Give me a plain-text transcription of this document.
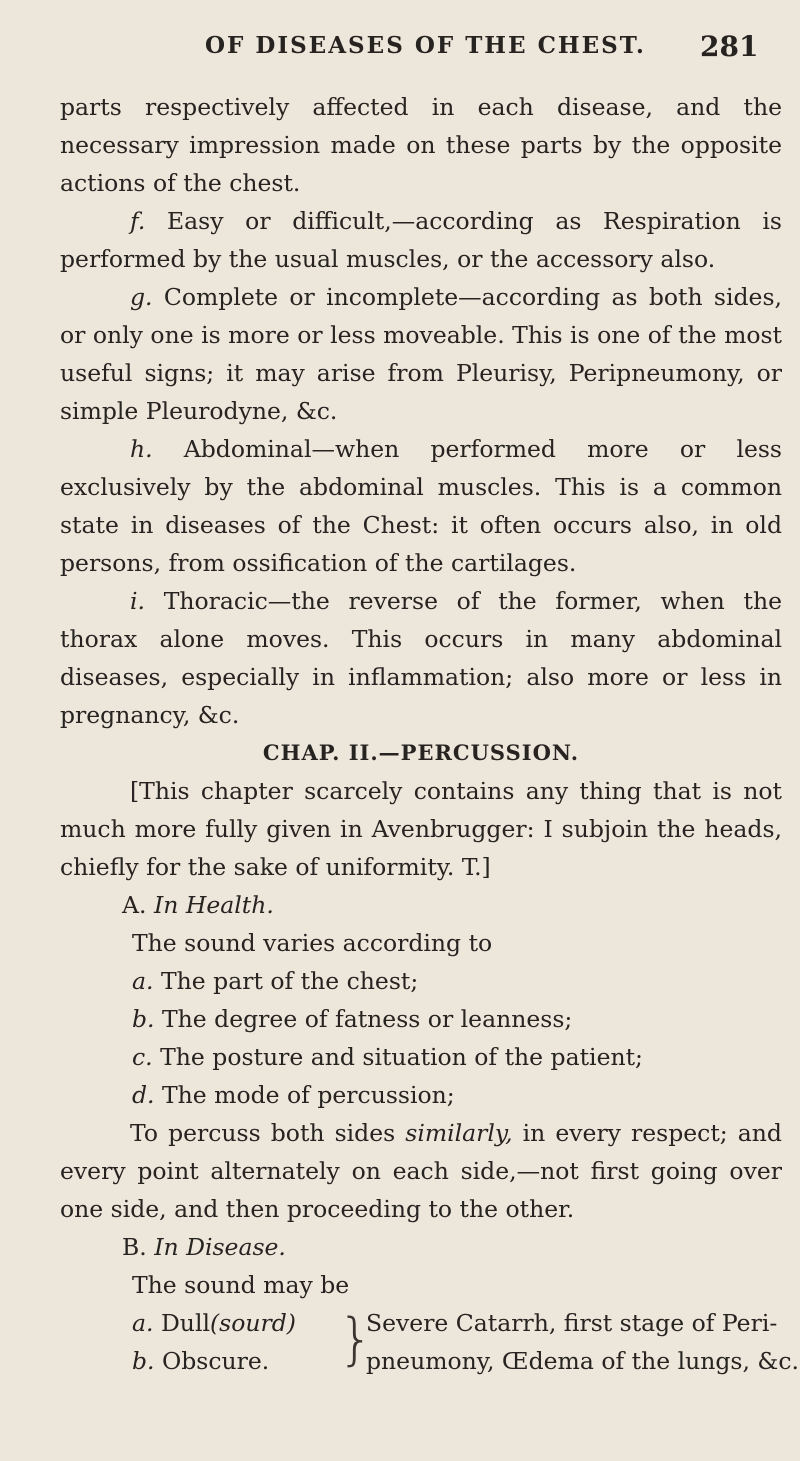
OF DISEASES OF THE CHEST. 281

parts respectively affected in each disease, and the necessary impression made on these parts by the opposite actions of the chest.

f. Easy or difficult,—according as Respiration is performed by the usual muscles, or the accessory also.

g. Complete or incomplete—according as both sides, or only one is more or less moveable. This is one of the most useful signs; it may arise from Pleurisy, Peripneumony, or simple Pleurodyne, &c.

h. Abdominal—when performed more or less exclusively by the abdominal muscles. This is a common state in diseases of the Chest: it often occurs also, in old persons, from ossification of the cartilages.

i. Thoracic—the reverse of the former, when the thorax alone moves. This occurs in many abdominal diseases, especially in inflammation; also more or less in pregnancy, &c.

CHAP. II.—PERCUSSION.

[This chapter scarcely contains any thing that is not much more fully given in Avenbrugger: I subjoin the heads, chiefly for the sake of uniformity. T.]

A. In Health.

The sound varies according to

a. The part of the chest;

b. The degree of fatness or leanness;

c. The posture and situation of the patient;

d. The mode of percussion;

To percuss both sides similarly, in every respect; and every point alternately on each side,—not first going over one side, and then proceeding to the other.

B. In Disease.

The sound may be

a. Dull(sourd)
b. Obscure.	}
Severe Catarrh, first stage of Peri-
pneumony, Œdema of the lungs, &c.
